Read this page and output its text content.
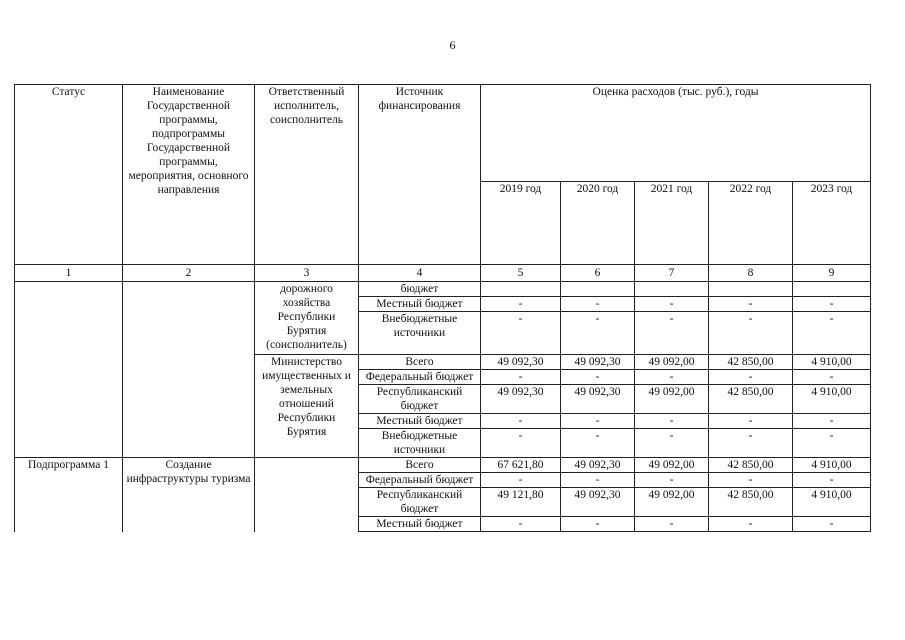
6
Статус	Наименование Государственной программы, подпрограммы Государственной программы, мероприятия, основного направления	Ответственный исполнитель, соисполнитель	Источник финансирования	Оценка расходов (тыс. руб.), годы				
				2019 год	2020 год	2021 год	2022 год	2023 год
1	2	3	4	5	6	7	8	9
		дорожного хозяйства Республики Бурятия (соисполнитель)	бюджет					
			Местный бюджет	-	-	-	-	-
			Внебюджетные источники	-	-	-	-	-
		Министерство имущественных и земельных отношений Республики Бурятия	Всего	49 092,30	49 092,30	49 092,00	42 850,00	4 910,00
			Федеральный бюджет	-	-	-	-	-
			Республиканский бюджет	49 092,30	49 092,30	49 092,00	42 850,00	4 910,00
			Местный бюджет	-	-	-	-	-
			Внебюджетные источники	-	-	-	-	-
Подпрограмма 1	Создание инфраструктуры туризма		Всего	67 621,80	49 092,30	49 092,00	42 850,00	4 910,00
			Федеральный бюджет	-	-	-	-	-
			Республиканский бюджет	49 121,80	49 092,30	49 092,00	42 850,00	4 910,00
			Местный бюджет	-	-	-	-	-
